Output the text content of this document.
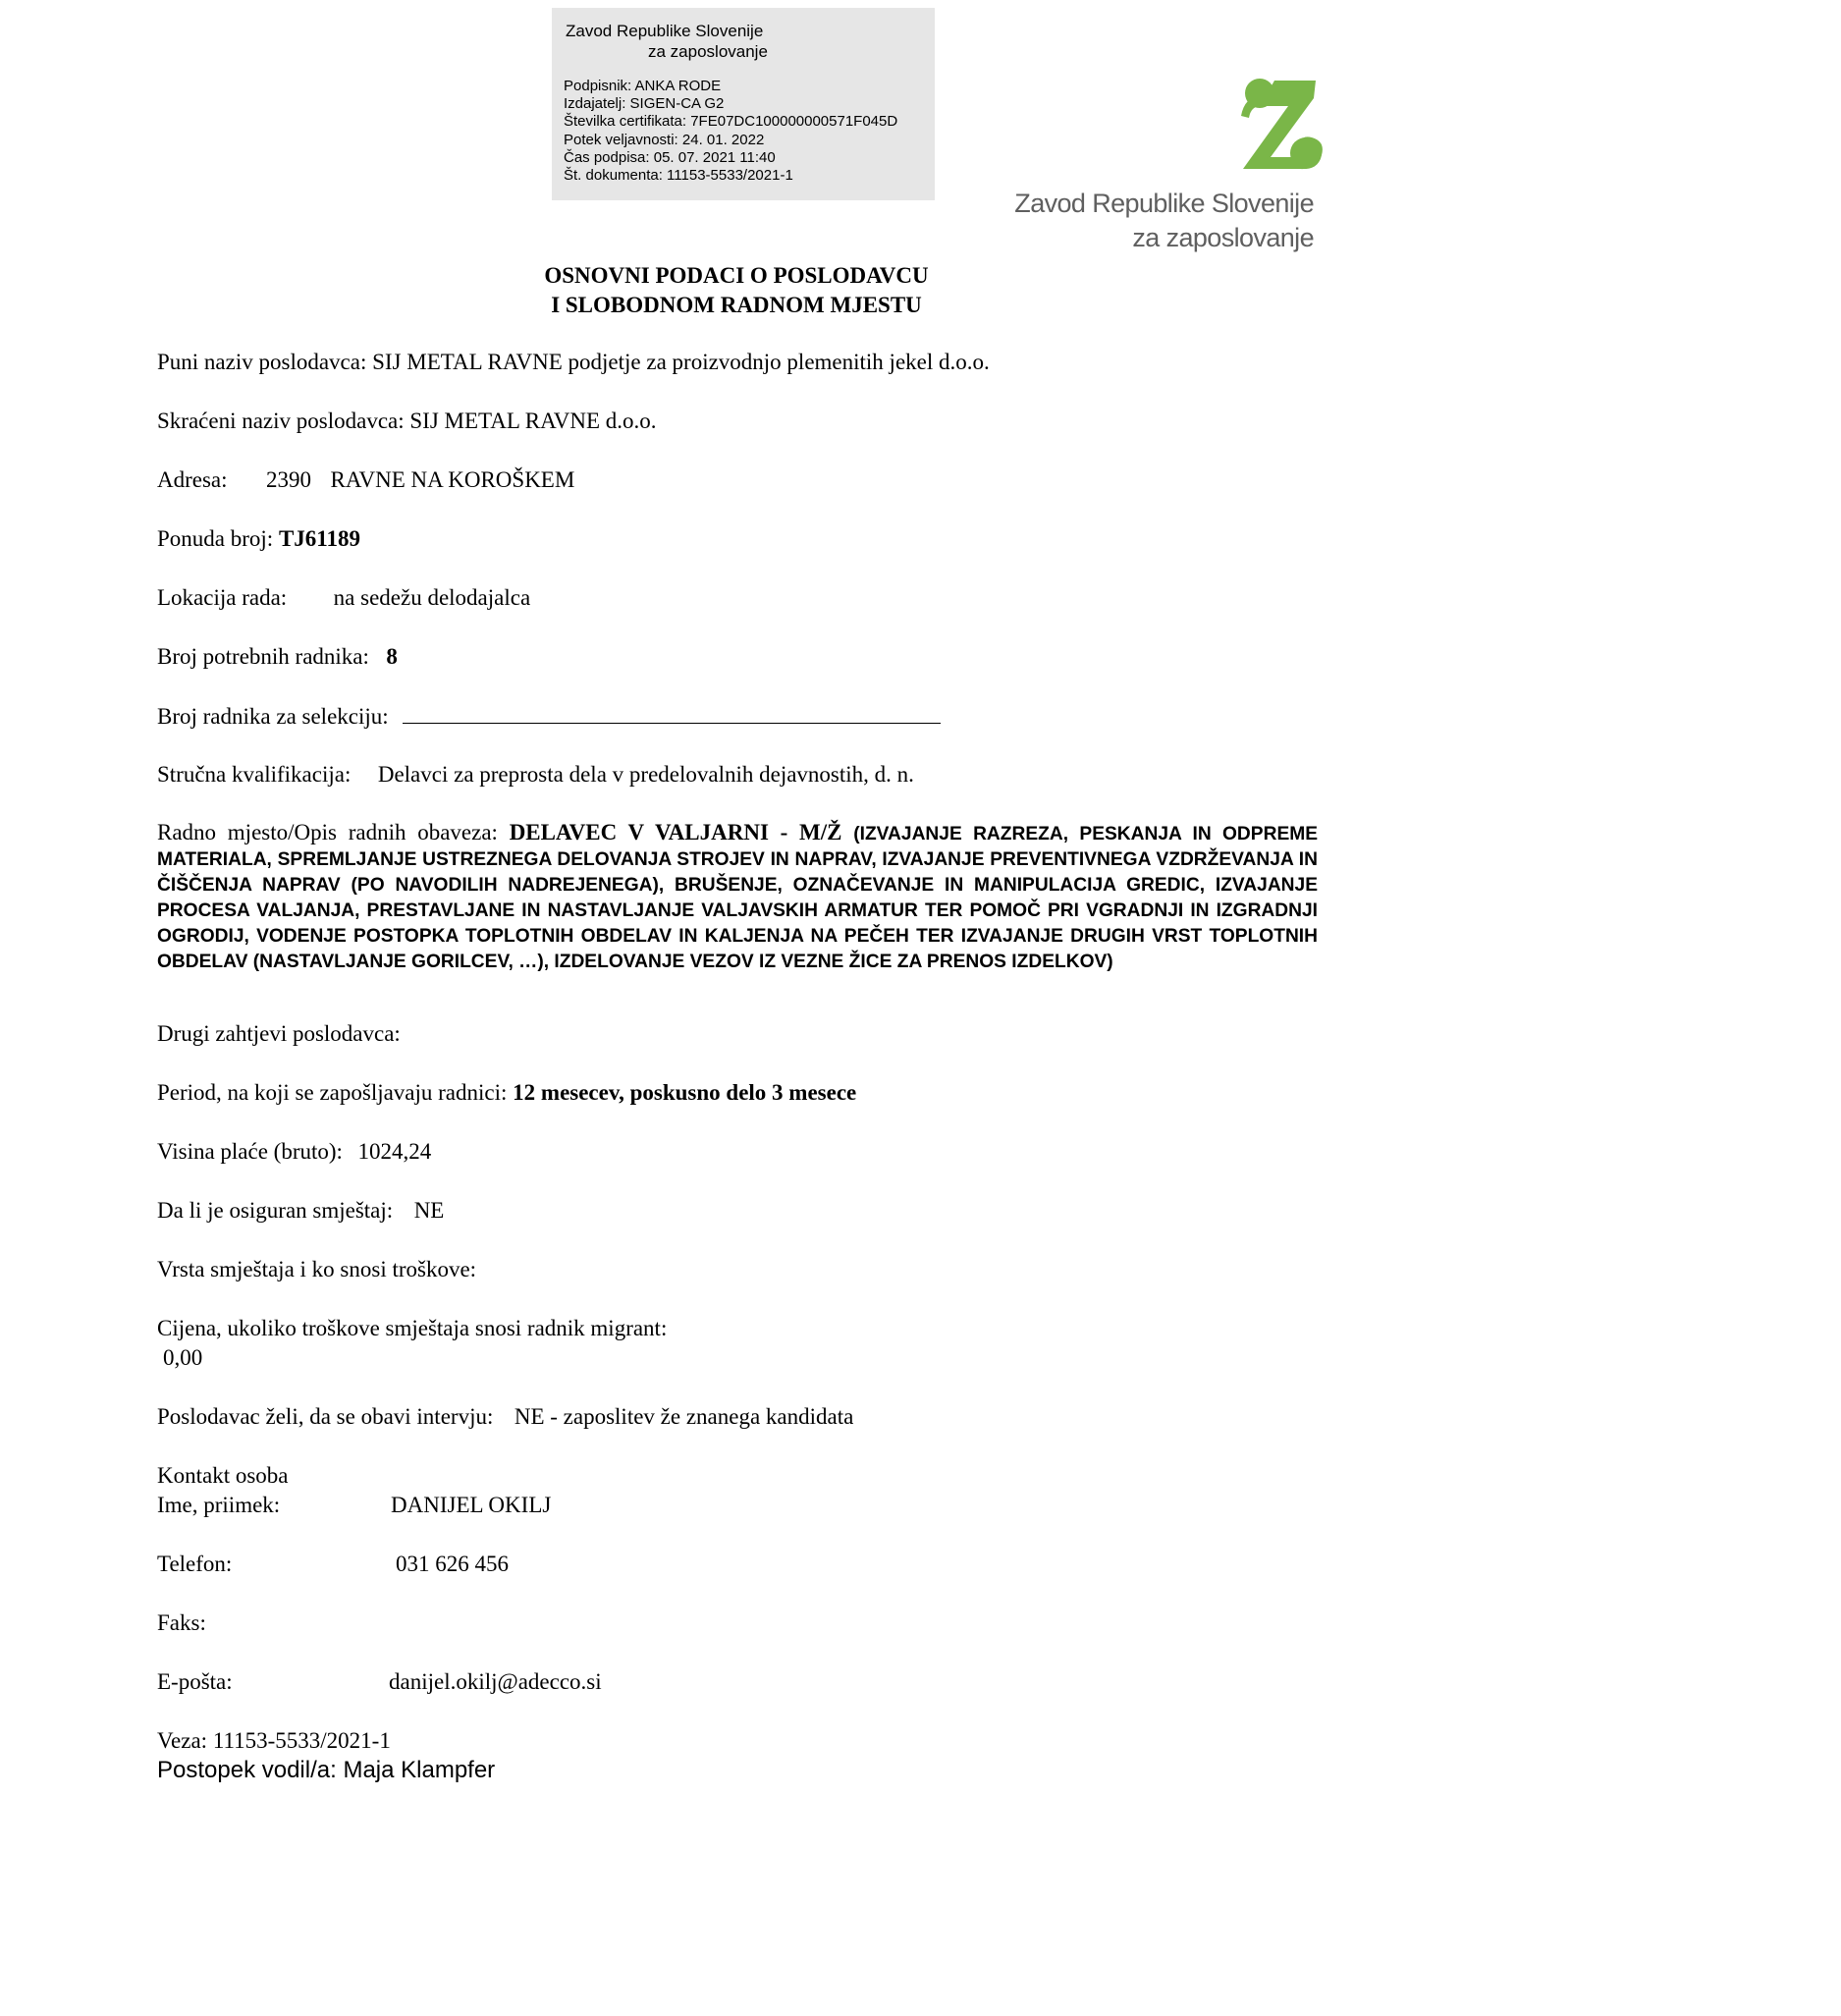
Zavod Republike Slovenije
za zaposlovanje
Podpisnik: ANKA RODE
Izdajatelj: SIGEN-CA G2
Številka certifikata: 7FE07DC100000000571F045D
Potek veljavnosti: 24. 01. 2022
Čas podpisa: 05. 07. 2021 11:40
Št. dokumenta: 11153-5533/2021-1
Zavod Republike Slovenije
za zaposlovanje
OSNOVNI PODACI O POSLODAVCU
I SLOBODNOM RADNOM MJESTU
Puni naziv poslodavca: SIJ METAL RAVNE podjetje za proizvodnjo plemenitih jekel d.o.o.
Skraćeni naziv poslodavca: SIJ METAL RAVNE d.o.o.
Adresa: 2390 RAVNE NA KOROŠKEM
Ponuda broj: TJ61189
Lokacija rada: na sedežu delodajalca
Broj potrebnih radnika: 8
Broj radnika za selekciju:
Stručna kvalifikacija: Delavci za preprosta dela v predelovalnih dejavnostih, d. n.
Radno mjesto/Opis radnih obaveza: DELAVEC V VALJARNI - M/Ž (IZVAJANJE RAZREZA, PESKANJA IN ODPREME MATERIALA, SPREMLJANJE USTREZNEGA DELOVANJA STROJEV IN NAPRAV, IZVAJANJE PREVENTIVNEGA VZDRŽEVANJA IN ČIŠČENJA NAPRAV (PO NAVODILIH NADREJENEGA), BRUŠENJE, OZNAČEVANJE IN MANIPULACIJA GREDIC, IZVAJANJE PROCESA VALJANJA, PRESTAVLJANE IN NASTAVLJANJE VALJAVSKIH ARMATUR TER POMOČ PRI VGRADNJI IN IZGRADNJI OGRODIJ, VODENJE POSTOPKA TOPLOTNIH OBDELAV IN KALJENJA NA PEČEH TER IZVAJANJE DRUGIH VRST TOPLOTNIH OBDELAV (NASTAVLJANJE GORILCEV, …), IZDELOVANJE VEZOV IZ VEZNE ŽICE ZA PRENOS IZDELKOV)
Drugi zahtjevi poslodavca:
Period, na koji se zapošljavaju radnici: 12 mesecev, poskusno delo 3 mesece
Visina plaće (bruto): 1024,24
Da li je osiguran smještaj: NE
Vrsta smještaja i ko snosi troškove:
Cijena, ukoliko troškove smještaja snosi radnik migrant:
0,00
Poslodavac želi, da se obavi intervju: NE - zaposlitev že znanega kandidata
Kontakt osoba
Ime, priimek:	DANIJEL OKILJ
Telefon:	031 626 456
Faks:
E-pošta:	danijel.okilj@adecco.si
Veza: 11153-5533/2021-1
Postopek vodil/a: Maja Klampfer
